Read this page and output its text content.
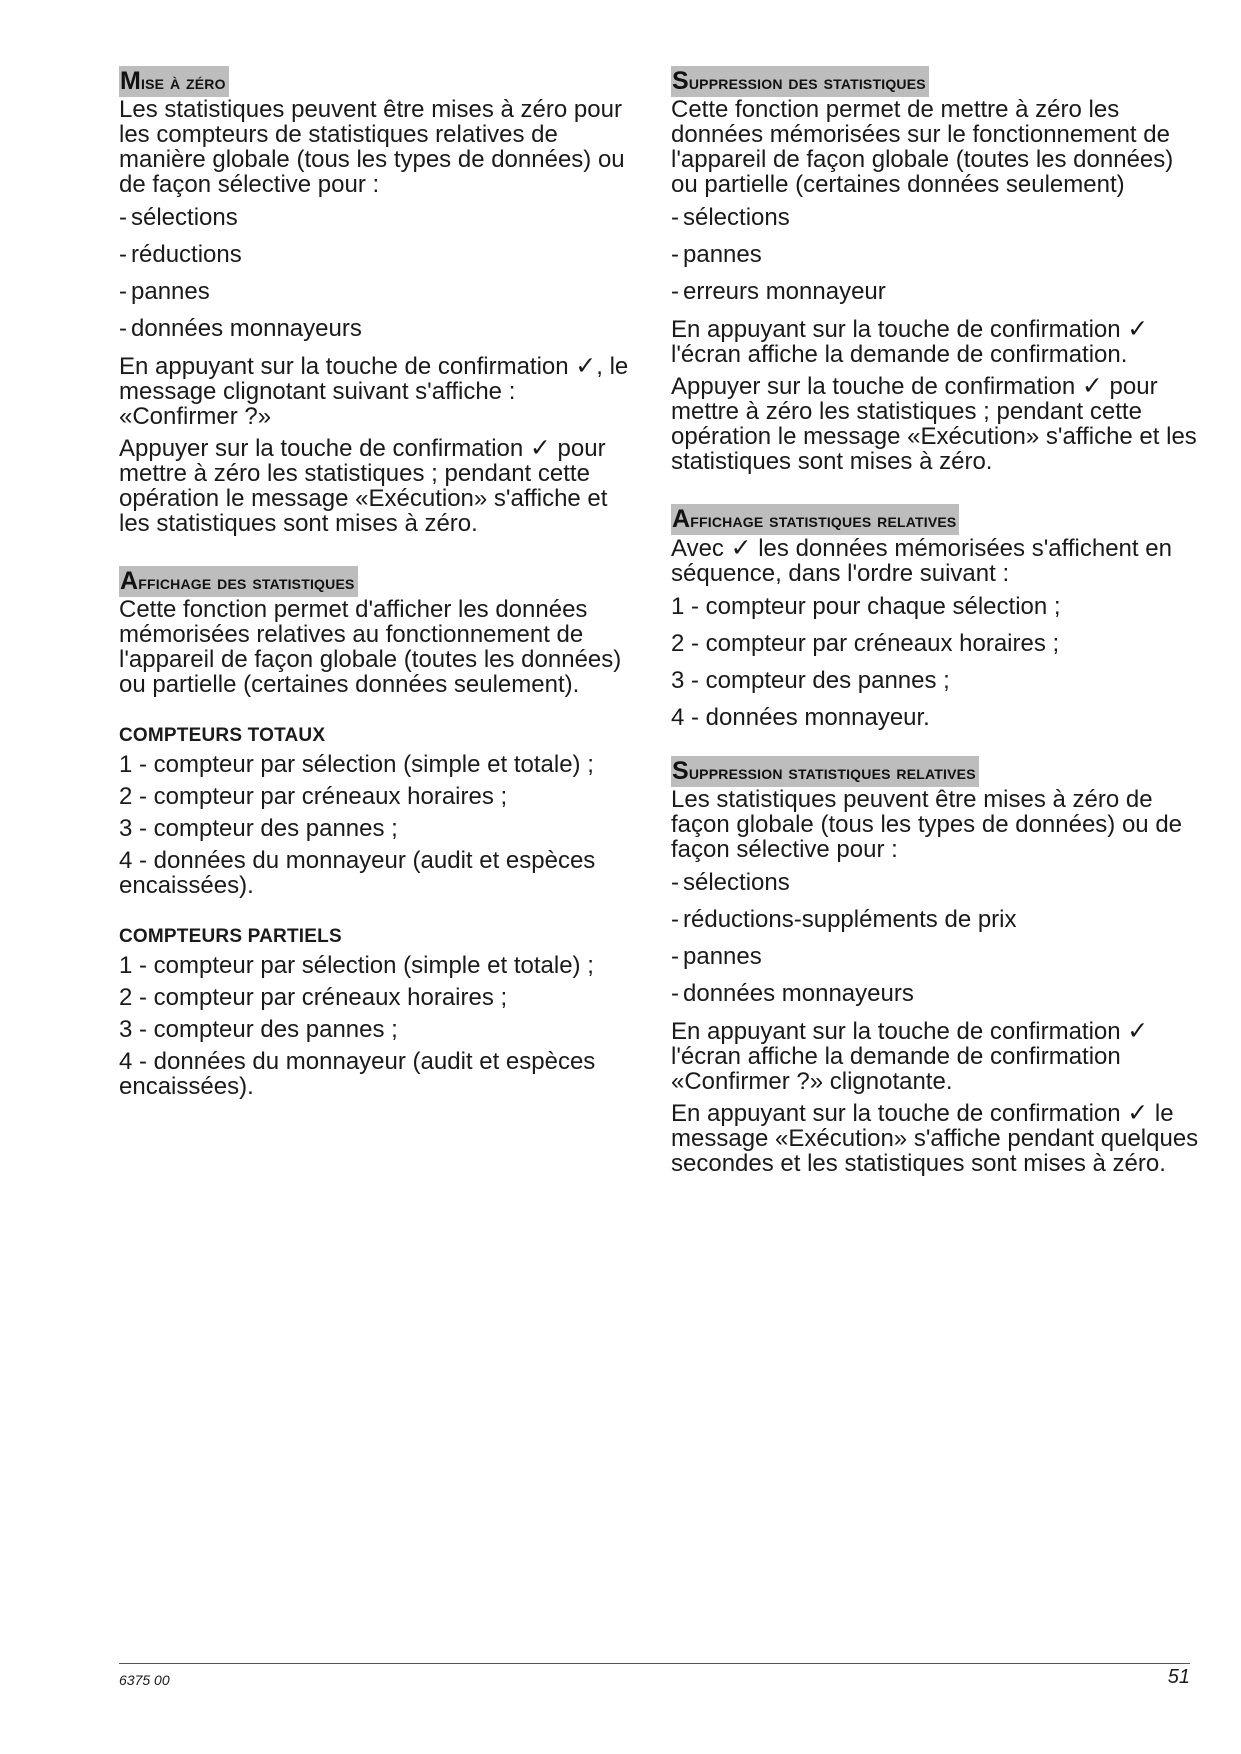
Mise à zéro

Les statistiques peuvent être mises à zéro pour les compteurs de statistiques relatives de manière globale (tous les types de données) ou de façon sélective pour :

- sélections
- réductions
- pannes
- données monnayeurs

En appuyant sur la touche de confirmation ✓, le message clignotant suivant s'affiche : «Confirmer ?»

Appuyer sur la touche de confirmation ✓ pour mettre à zéro les statistiques ; pendant cette opération le message «Exécution» s'affiche et les statistiques sont mises à zéro.

Affichage des statistiques

Cette fonction permet d'afficher les données mémorisées relatives au fonctionnement de l'appareil de façon globale (toutes les données) ou partielle (certaines données seulement).

COMPTEURS TOTAUX

1 - compteur par sélection (simple et totale) ;

2 - compteur par créneaux horaires ;

3 - compteur des pannes ;

4 - données du monnayeur (audit et espèces encaissées).

COMPTEURS PARTIELS

1 - compteur par sélection (simple et totale) ;

2 - compteur par créneaux horaires ;

3 - compteur des pannes ;

4 - données du monnayeur (audit et espèces encaissées).

Suppression des statistiques

Cette fonction permet de mettre à zéro les données mémorisées sur le fonctionnement de l'appareil de façon globale (toutes les données) ou partielle (certaines données seulement)

- sélections
- pannes
- erreurs monnayeur

En appuyant sur la touche de confirmation ✓ l'écran affiche la demande de confirmation.

Appuyer sur la touche de confirmation ✓ pour mettre à zéro les statistiques ; pendant cette opération le message «Exécution» s'affiche et les statistiques sont mises à zéro.

Affichage statistiques relatives

Avec ✓ les données mémorisées s'affichent en séquence, dans l'ordre suivant :

1 - compteur pour chaque sélection ;
2 - compteur par créneaux horaires ;
3 - compteur des pannes ;
4 - données monnayeur.
Suppression statistiques relatives

Les statistiques peuvent être mises à zéro de façon globale (tous les types de données) ou de façon sélective pour :

- sélections
- réductions-suppléments de prix
- pannes
- données monnayeurs

En appuyant sur la touche de confirmation ✓ l'écran affiche la demande de confirmation «Confirmer ?» clignotante.

En appuyant sur la touche de confirmation ✓ le message «Exécution» s'affiche pendant quelques secondes et les statistiques sont mises à zéro.

6375 00	51
